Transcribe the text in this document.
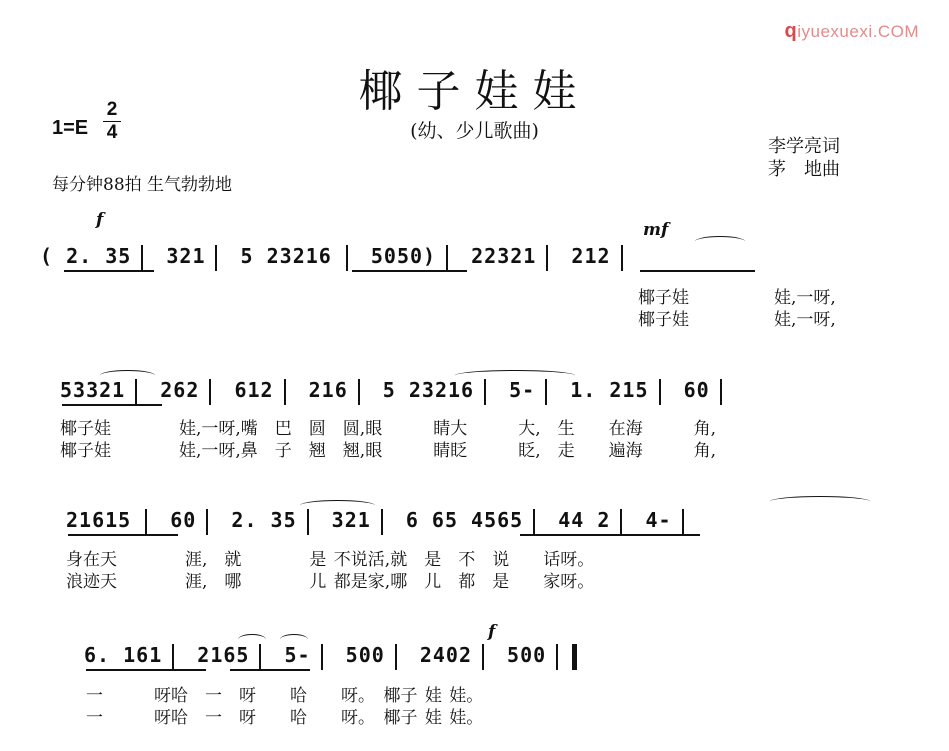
qiyuexuexi.COM
椰子娃娃
(幼、少儿歌曲)
1=E
2
4
每分钟88拍 生气勃勃地
李学亮词
茅　地曲
f	mf
( 2. 35 321 5 23216 5050) 22321 212
椰子娃　　　　　娃,一呀,
椰子娃　　　　　娃,一呀,
53321 262 612 216 5 23216 5- 1. 215 60
椰子娃　　　　娃,一呀,嘴　巴　圆　圆,眼　　　睛大　　　大,　生　　在海　　　角,
椰子娃　　　　娃,一呀,鼻　子　翘　翘,眼　　　睛眨　　　眨,　走　　遍海　　　角,
21615 60 2. 35 321 6 65 4565 44 2 4-
身在天　　　　涯,　就　　　　是 不说活,就　是　不　说　　话呀。
浪迹天　　　　涯,　哪　　　　儿 都是家,哪　儿　都　是　　家呀。
f
6. 161 2165 5- 500 2402 500
一　　　呀哈　一　呀　　哈　　呀。　椰子 娃 娃。
一　　　呀哈　一　呀　　哈　　呀。　椰子 娃 娃。
